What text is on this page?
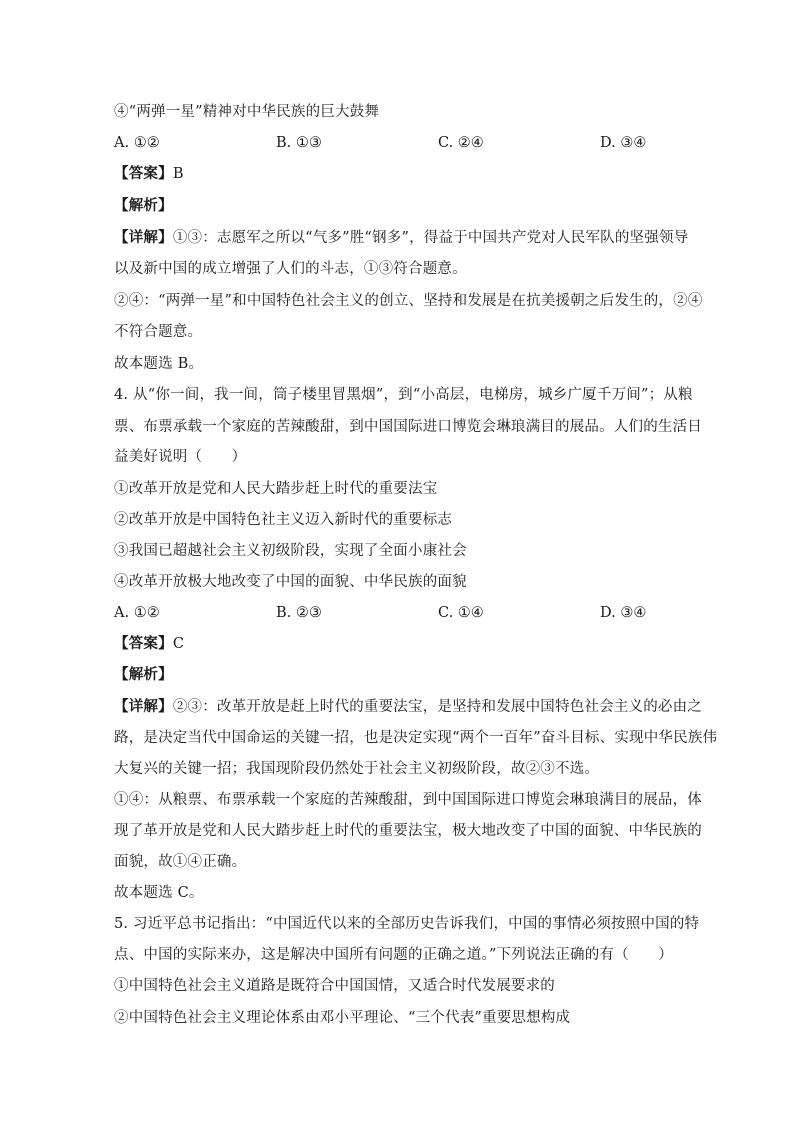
④“两弹一星”精神对中华民族的巨大鼓舞
A. ①②	B. ①③	C. ②④	D. ③④
【答案】B
【解析】
【详解】①③：志愿军之所以“气多”胜“钢多”，得益于中国共产党对人民军队的坚强领导
以及新中国的成立增强了人们的斗志，①③符合题意。
②④：“两弹一星”和中国特色社会主义的创立、坚持和发展是在抗美援朝之后发生的，②④
不符合题意。
故本题选 B。
4. 从“你一间，我一间，筒子楼里冒黑烟”，到“小高层，电梯房，城乡广厦千万间”；从粮
票、布票承载一个家庭的苦辣酸甜，到中国国际进口博览会琳琅满目的展品。人们的生活日
益美好说明（　　）
①改革开放是党和人民大踏步赶上时代的重要法宝
②改革开放是中国特色社主义迈入新时代的重要标志
③我国已超越社会主义初级阶段，实现了全面小康社会
④改革开放极大地改变了中国的面貌、中华民族的面貌
A. ①②	B. ②③	C. ①④	D. ③④
【答案】C
【解析】
【详解】②③：改革开放是赶上时代的重要法宝，是坚持和发展中国特色社会主义的必由之
路，是决定当代中国命运的关键一招，也是决定实现“两个一百年”奋斗目标、实现中华民族伟
大复兴的关键一招；我国现阶段仍然处于社会主义初级阶段，故②③不选。
①④：从粮票、布票承载一个家庭的苦辣酸甜，到中国国际进口博览会琳琅满目的展品，体
现了革开放是党和人民大踏步赶上时代的重要法宝，极大地改变了中国的面貌、中华民族的
面貌，故①④正确。
故本题选 C。
5. 习近平总书记指出：“中国近代以来的全部历史告诉我们，中国的事情必须按照中国的特
点、中国的实际来办，这是解决中国所有问题的正确之道。”下列说法正确的有（　　）
①中国特色社会主义道路是既符合中国国情，又适合时代发展要求的
②中国特色社会主义理论体系由邓小平理论、“三个代表”重要思想构成
